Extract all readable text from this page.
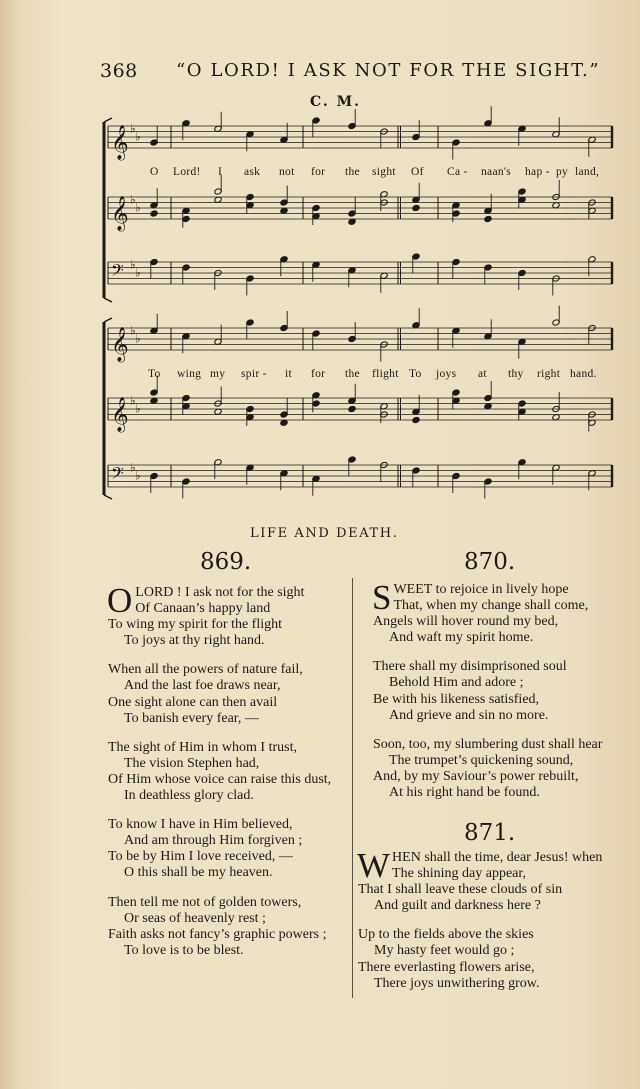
368 “O LORD! I ASK NOT FOR THE SIGHT.”
C. M.
𝄞 ♭
♭
𝄞 ♭
♭
𝄢 ♭
♭
𝄞 ♭
♭
𝄞 ♭
♭
𝄢 ♭
♭
O Lord! I ask not for the sight Of Ca - naan's hap - py land,
To wing my spir - it for the flight To joys at thy right hand.
LIFE AND DEATH.
869.
O LORD ! I ask not for the sight
Of Canaan’s happy land
To wing my spirit for the flight
To joys at thy right hand.
When all the powers of nature fail,
And the last foe draws near,
One sight alone can then avail
To banish every fear, —
The sight of Him in whom I trust,
The vision Stephen had,
Of Him whose voice can raise this dust,
In deathless glory clad.
To know I have in Him believed,
And am through Him forgiven ;
To be by Him I love received, —
O this shall be my heaven.
Then tell me not of golden towers,
Or seas of heavenly rest ;
Faith asks not fancy’s graphic powers ;
To love is to be blest.
870.
S WEET to rejoice in lively hope
That, when my change shall come,
Angels will hover round my bed,
And waft my spirit home.
There shall my disimprisoned soul
Behold Him and adore ;
Be with his likeness satisfied,
And grieve and sin no more.
Soon, too, my slumbering dust shall hear
The trumpet’s quickening sound,
And, by my Saviour’s power rebuilt,
At his right hand be found.
871.
W HEN shall the time, dear Jesus! when
The shining day appear,
That I shall leave these clouds of sin
And guilt and darkness here ?
Up to the fields above the skies
My hasty feet would go ;
There everlasting flowers arise,
There joys unwithering grow.
